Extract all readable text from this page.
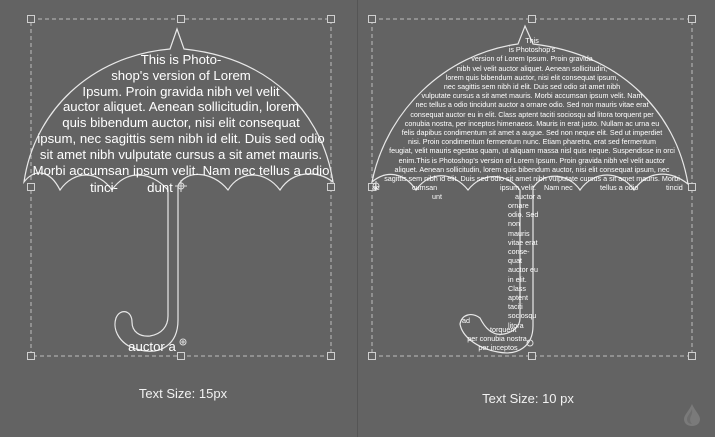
This is Photo-
shop's version of Lorem
Ipsum. Proin gravida nibh vel velit
auctor aliquet. Aenean sollicitudin, lorem
quis bibendum auctor, nisi elit consequat
ipsum, nec sagittis sem nibh id elit. Duis sed odio
sit amet nibh vulputate cursus a sit amet mauris.
Morbi accumsan ipsum velit. Nam nec tellus a odio
tinci-	dunt
auctor a
Text Size: 15px
This
is Photoshop's
version of Lorem Ipsum. Proin gravida
nibh vel velit auctor aliquet. Aenean sollicitudin,
lorem quis bibendum auctor, nisi elit consequat ipsum,
nec sagittis sem nibh id elit. Duis sed odio sit amet nibh
vulputate cursus a sit amet mauris. Morbi accumsan ipsum velit. Nam
nec tellus a odio tincidunt auctor a ornare odio. Sed non mauris vitae erat
consequat auctor eu in elit. Class aptent taciti sociosqu ad litora torquent per
conubia nostra, per inceptos himenaeos. Mauris in erat justo. Nullam ac urna eu
felis dapibus condimentum sit amet a augue. Sed non neque elit. Sed ut imperdiet
nisi. Proin condimentum fermentum nunc. Etiam pharetra, erat sed fermentum
feugiat, velit mauris egestas quam, ut aliquam massa nisl quis neque. Suspendisse in orci
enim.This is Photoshop's version of Lorem Ipsum. Proin gravida nibh vel velit auctor
aliquet. Aenean sollicitudin, lorem quis bibendum auctor, nisi elit consequat ipsum, nec
sagittis sem nibh id elit. Duis sed odio sit amet nibh vulputate cursus a sit amet mauris. Morbi
ac	cumsan	ipsum velit. Nam nec	tellus a odio	tincid
unt	auctor a
ornare
odio. Sed
non
mauris
vitae erat
conse-
quat
auctor eu
in elit.
Class
aptent
taciti
sociosqu
litora
ad
torquent
per conubia nostra,
per inceptos
Text Size: 10 px
